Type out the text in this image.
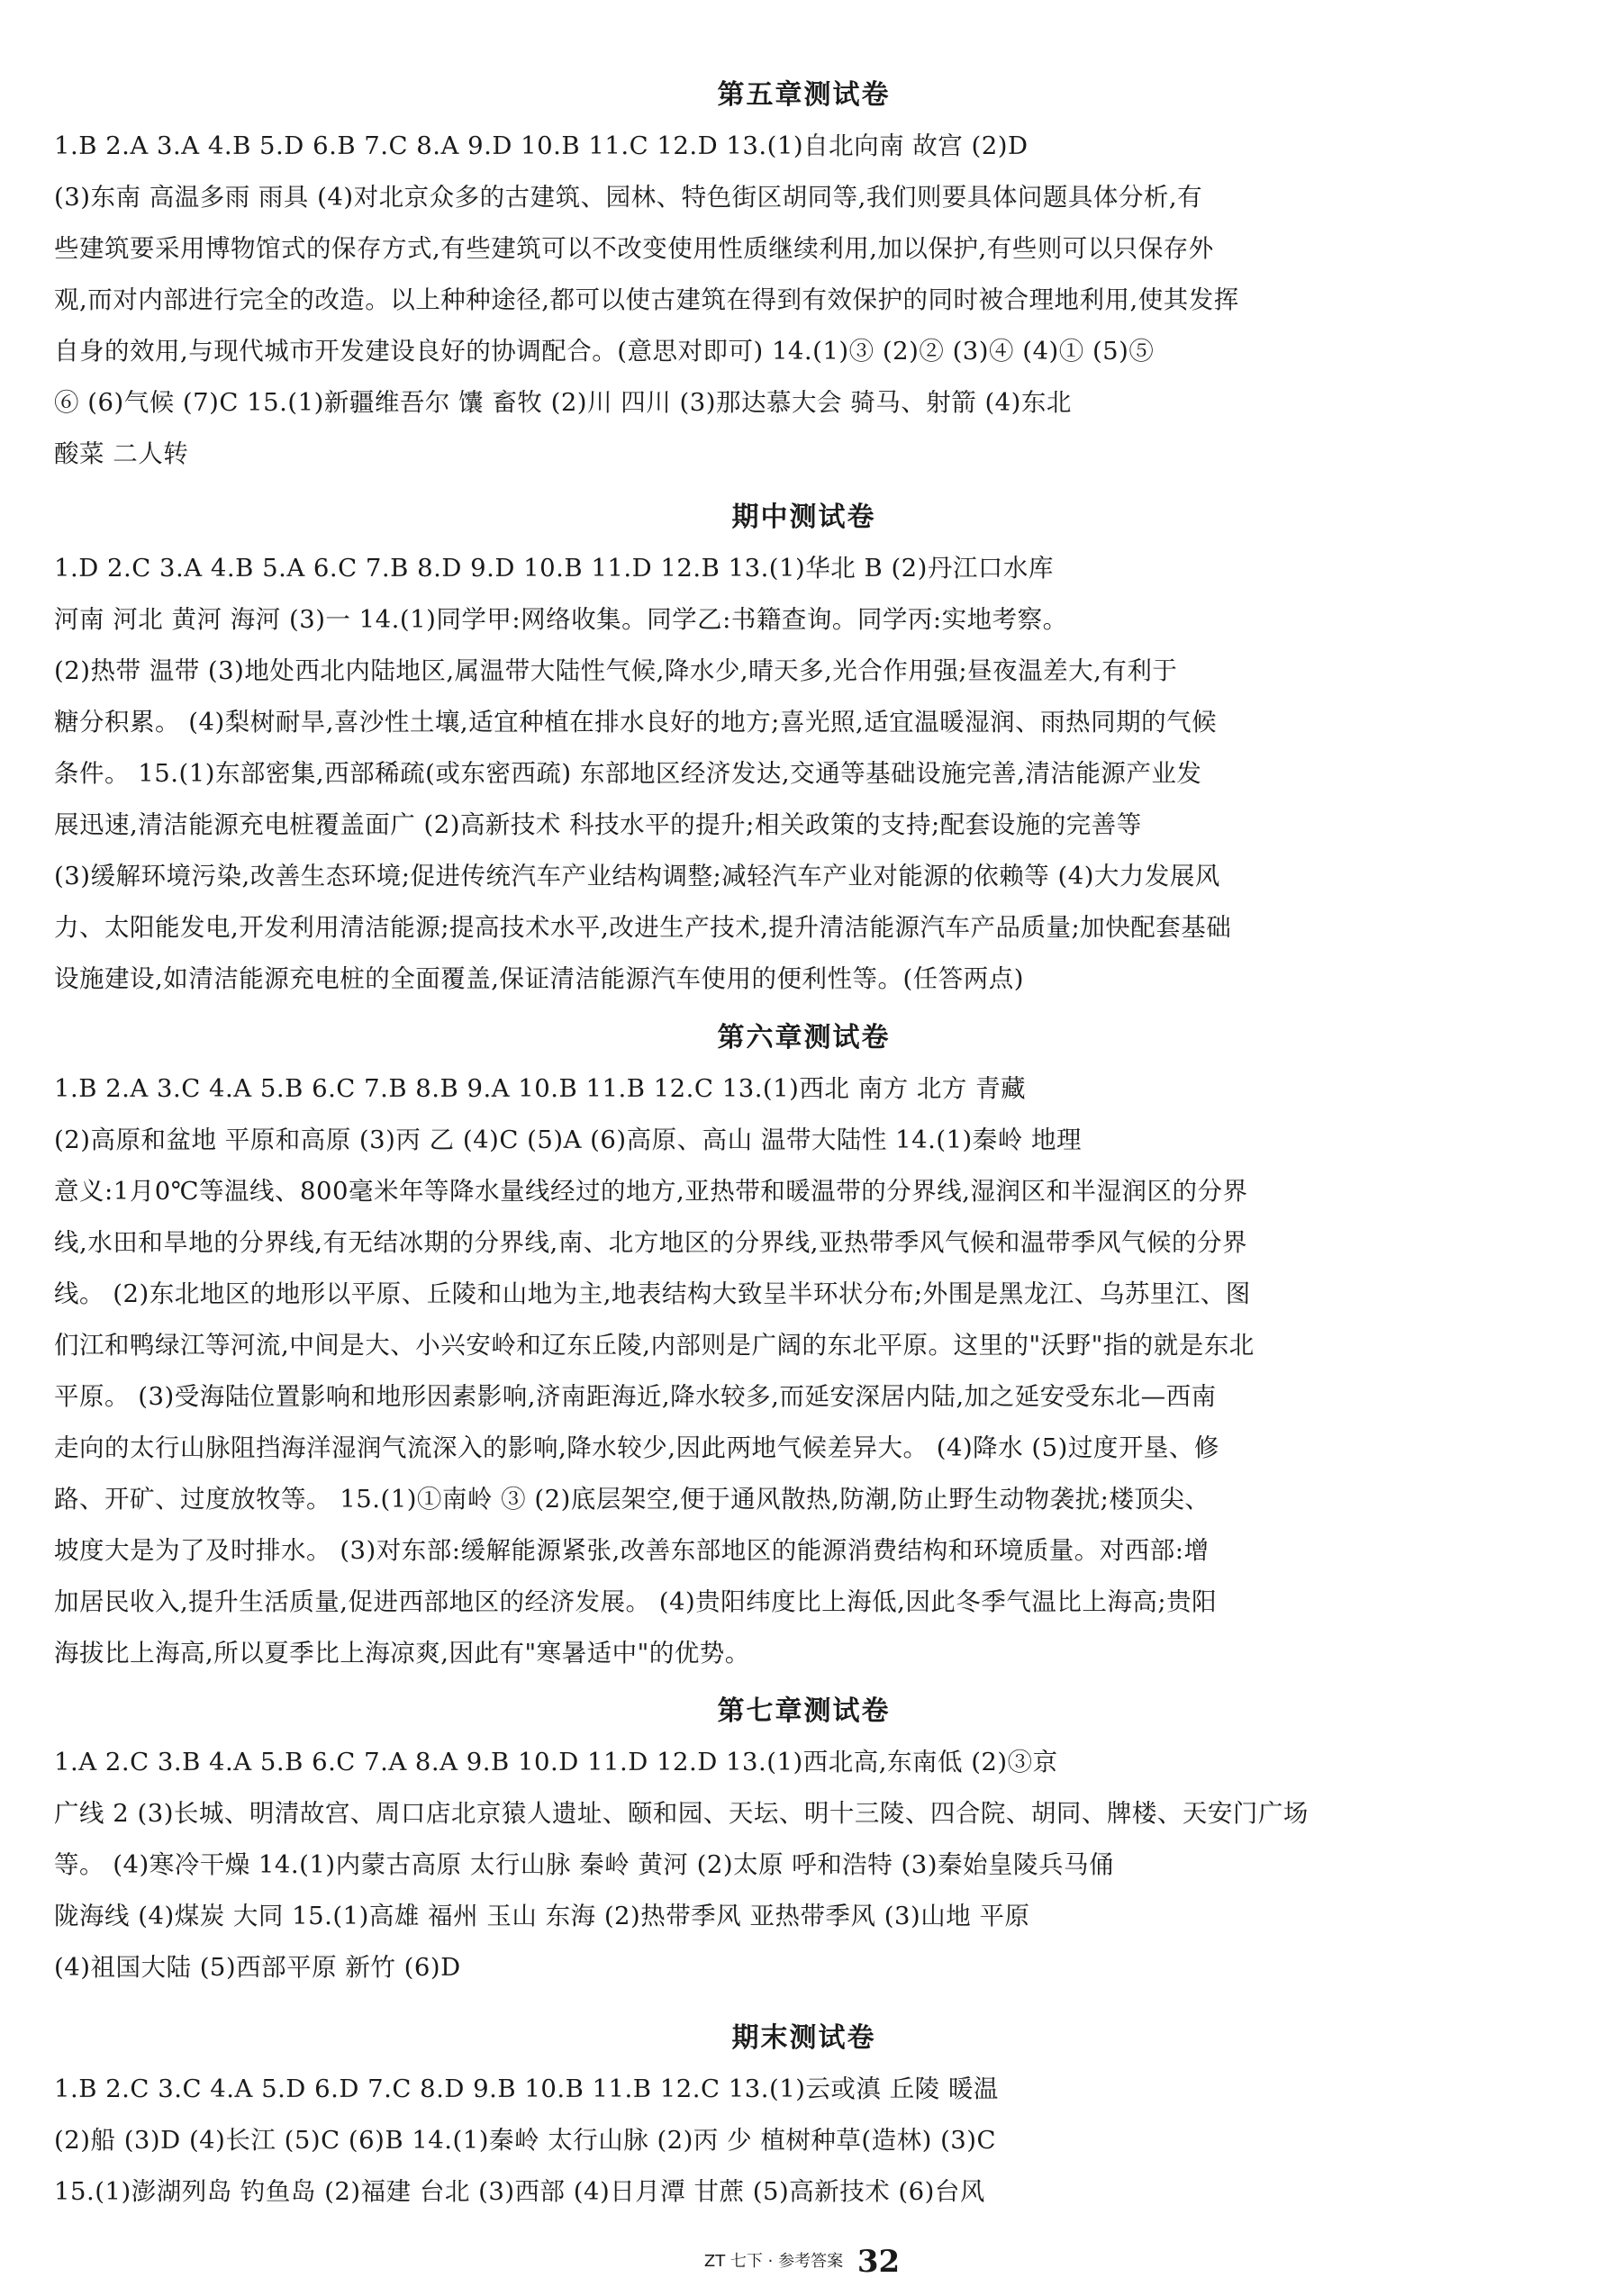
第五章测试卷
1.B 2.A 3.A 4.B 5.D 6.B 7.C 8.A 9.D 10.B 11.C 12.D 13.(1)自北向南 故宫 (2)D
(3)东南 高温多雨 雨具 (4)对北京众多的古建筑、园林、特色街区胡同等,我们则要具体问题具体分析,有
些建筑要采用博物馆式的保存方式,有些建筑可以不改变使用性质继续利用,加以保护,有些则可以只保存外
观,而对内部进行完全的改造。以上种种途径,都可以使古建筑在得到有效保护的同时被合理地利用,使其发挥
自身的效用,与现代城市开发建设良好的协调配合。(意思对即可) 14.(1)③ (2)② (3)④ (4)① (5)⑤
⑥ (6)气候 (7)C 15.(1)新疆维吾尔 馕 畜牧 (2)川 四川 (3)那达慕大会 骑马、射箭 (4)东北
酸菜 二人转
期中测试卷
1.D 2.C 3.A 4.B 5.A 6.C 7.B 8.D 9.D 10.B 11.D 12.B 13.(1)华北 B (2)丹江口水库
河南 河北 黄河 海河 (3)一 14.(1)同学甲:网络收集。同学乙:书籍查询。同学丙:实地考察。
(2)热带 温带 (3)地处西北内陆地区,属温带大陆性气候,降水少,晴天多,光合作用强;昼夜温差大,有利于
糖分积累。 (4)梨树耐旱,喜沙性土壤,适宜种植在排水良好的地方;喜光照,适宜温暖湿润、雨热同期的气候
条件。 15.(1)东部密集,西部稀疏(或东密西疏) 东部地区经济发达,交通等基础设施完善,清洁能源产业发
展迅速,清洁能源充电桩覆盖面广 (2)高新技术 科技水平的提升;相关政策的支持;配套设施的完善等
(3)缓解环境污染,改善生态环境;促进传统汽车产业结构调整;减轻汽车产业对能源的依赖等 (4)大力发展风
力、太阳能发电,开发利用清洁能源;提高技术水平,改进生产技术,提升清洁能源汽车产品质量;加快配套基础
设施建设,如清洁能源充电桩的全面覆盖,保证清洁能源汽车使用的便利性等。(任答两点)
第六章测试卷
1.B 2.A 3.C 4.A 5.B 6.C 7.B 8.B 9.A 10.B 11.B 12.C 13.(1)西北 南方 北方 青藏
(2)高原和盆地 平原和高原 (3)丙 乙 (4)C (5)A (6)高原、高山 温带大陆性 14.(1)秦岭 地理
意义:1月0℃等温线、800毫米年等降水量线经过的地方,亚热带和暖温带的分界线,湿润区和半湿润区的分界
线,水田和旱地的分界线,有无结冰期的分界线,南、北方地区的分界线,亚热带季风气候和温带季风气候的分界
线。 (2)东北地区的地形以平原、丘陵和山地为主,地表结构大致呈半环状分布;外围是黑龙江、乌苏里江、图
们江和鸭绿江等河流,中间是大、小兴安岭和辽东丘陵,内部则是广阔的东北平原。这里的"沃野"指的就是东北
平原。 (3)受海陆位置影响和地形因素影响,济南距海近,降水较多,而延安深居内陆,加之延安受东北—西南
走向的太行山脉阻挡海洋湿润气流深入的影响,降水较少,因此两地气候差异大。 (4)降水 (5)过度开垦、修
路、开矿、过度放牧等。 15.(1)①南岭 ③ (2)底层架空,便于通风散热,防潮,防止野生动物袭扰;楼顶尖、
坡度大是为了及时排水。 (3)对东部:缓解能源紧张,改善东部地区的能源消费结构和环境质量。对西部:增
加居民收入,提升生活质量,促进西部地区的经济发展。 (4)贵阳纬度比上海低,因此冬季气温比上海高;贵阳
海拔比上海高,所以夏季比上海凉爽,因此有"寒暑适中"的优势。
第七章测试卷
1.A 2.C 3.B 4.A 5.B 6.C 7.A 8.A 9.B 10.D 11.D 12.D 13.(1)西北高,东南低 (2)③京
广线 2 (3)长城、明清故宫、周口店北京猿人遗址、颐和园、天坛、明十三陵、四合院、胡同、牌楼、天安门广场
等。 (4)寒冷干燥 14.(1)内蒙古高原 太行山脉 秦岭 黄河 (2)太原 呼和浩特 (3)秦始皇陵兵马俑
陇海线 (4)煤炭 大同 15.(1)高雄 福州 玉山 东海 (2)热带季风 亚热带季风 (3)山地 平原
(4)祖国大陆 (5)西部平原 新竹 (6)D
期末测试卷
1.B 2.C 3.C 4.A 5.D 6.D 7.C 8.D 9.B 10.B 11.B 12.C 13.(1)云或滇 丘陵 暖温
(2)船 (3)D (4)长江 (5)C (6)B 14.(1)秦岭 太行山脉 (2)丙 少 植树种草(造林) (3)C
15.(1)澎湖列岛 钓鱼岛 (2)福建 台北 (3)西部 (4)日月潭 甘蔗 (5)高新技术 (6)台风
ZT 七下 · 参考答案 32
